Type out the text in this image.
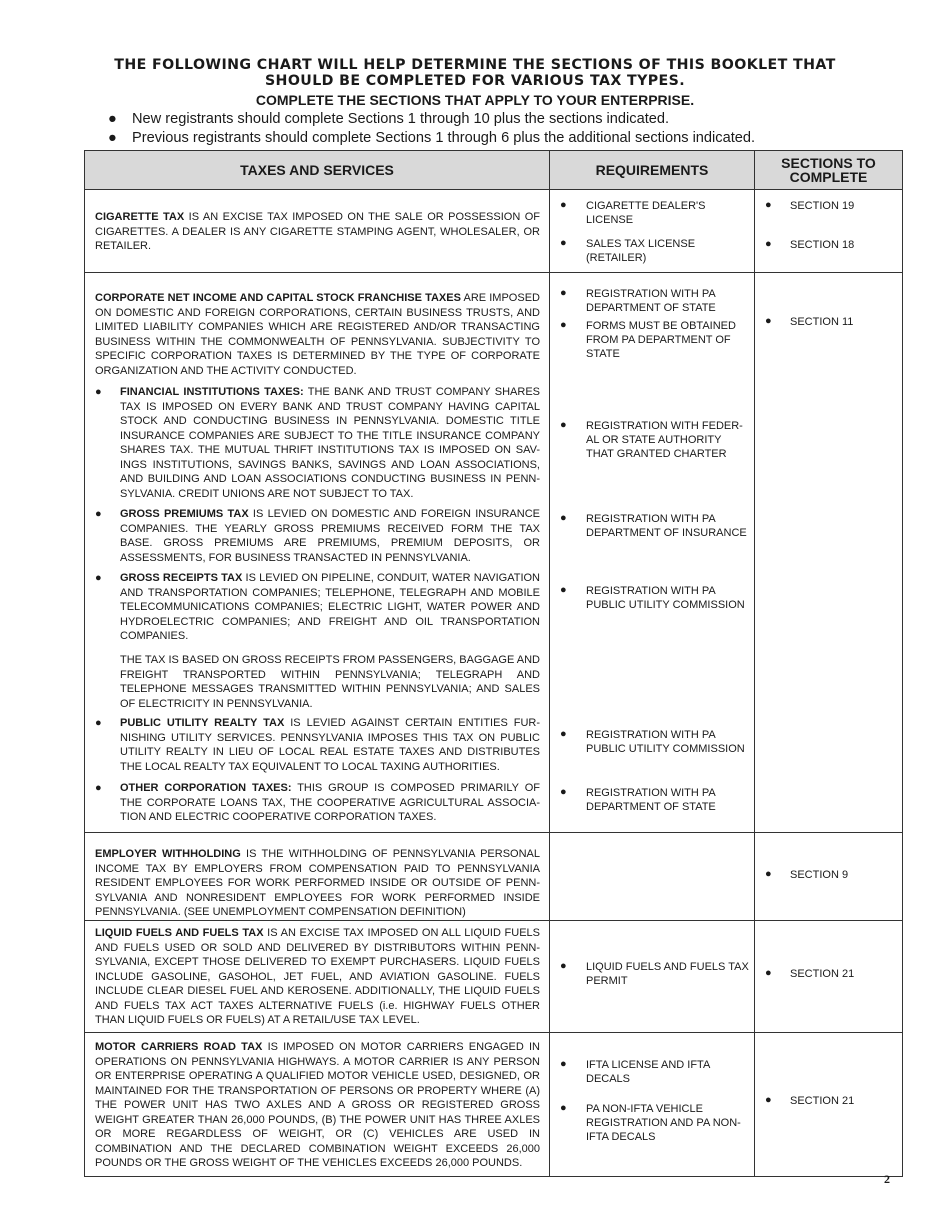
THE FOLLOWING CHART WILL HELP DETERMINE THE SECTIONS OF THIS BOOKLET THAT
SHOULD BE COMPLETED FOR VARIOUS TAX TYPES.
COMPLETE THE SECTIONS THAT APPLY TO YOUR ENTERPRISE.
● New registrants should complete Sections 1 through 10 plus the sections indicated.
● Previous registrants should complete Sections 1 through 6 plus the additional sections indicated.
TAXES AND SERVICES	REQUIREMENTS	SECTIONS TO
COMPLETE
CIGARETTE TAX IS AN EXCISE TAX IMPOSED ON THE SALE OR POSSESSION OF CIGARETTES. A DEALER IS ANY CIGARETTE STAMPING AGENT, WHOLESALER, OR RETAILER.
● CIGARETTE DEALER'S LICENSE
● SALES TAX LICENSE (RETAILER)
● SECTION 19
● SECTION 18
CORPORATE NET INCOME AND CAPITAL STOCK FRANCHISE TAXES ARE IMPOSED ON DOMESTIC AND FOREIGN CORPORATIONS, CERTAIN BUSINESS TRUSTS, AND LIMITED LIABILITY COMPANIES WHICH ARE REGISTERED AND/OR TRANSACTING BUSINESS WITHIN THE COMMONWEALTH OF PENNSYLVANIA. SUBJECTIVITY TO SPECIFIC CORPORATION TAXES IS DETERMINED BY THE TYPE OF CORPORATE ORGANIZATION AND THE ACTIVITY CONDUCTED.
● FINANCIAL INSTITUTIONS TAXES: THE BANK AND TRUST COMPANY SHARES TAX IS IMPOSED ON EVERY BANK AND TRUST COMPANY HAVING CAPITAL STOCK AND CONDUCTING BUSINESS IN PENNSYLVANIA. DOMESTIC TITLE INSURANCE COMPANIES ARE SUBJECT TO THE TITLE INSURANCE COMPANY SHARES TAX. THE MUTUAL THRIFT INSTITUTIONS TAX IS IMPOSED ON SAV-INGS INSTITUTIONS, SAVINGS BANKS, SAVINGS AND LOAN ASSOCIATIONS, AND BUILDING AND LOAN ASSOCIATIONS CONDUCTING BUSINESS IN PENN-SYLVANIA. CREDIT UNIONS ARE NOT SUBJECT TO TAX.
● GROSS PREMIUMS TAX IS LEVIED ON DOMESTIC AND FOREIGN INSURANCE COMPANIES. THE YEARLY GROSS PREMIUMS RECEIVED FORM THE TAX BASE. GROSS PREMIUMS ARE PREMIUMS, PREMIUM DEPOSITS, OR ASSESSMENTS, FOR BUSINESS TRANSACTED IN PENNSYLVANIA.
● GROSS RECEIPTS TAX IS LEVIED ON PIPELINE, CONDUIT, WATER NAVIGATION AND TRANSPORTATION COMPANIES; TELEPHONE, TELEGRAPH AND MOBILE TELECOMMUNICATIONS COMPANIES; ELECTRIC LIGHT, WATER POWER AND HYDROELECTRIC COMPANIES; AND FREIGHT AND OIL TRANSPORTATION COMPANIES.
THE TAX IS BASED ON GROSS RECEIPTS FROM PASSENGERS, BAGGAGE AND FREIGHT TRANSPORTED WITHIN PENNSYLVANIA; TELEGRAPH AND TELEPHONE MESSAGES TRANSMITTED WITHIN PENNSYLVANIA; AND SALES OF ELECTRICITY IN PENNSYLVANIA.
● PUBLIC UTILITY REALTY TAX IS LEVIED AGAINST CERTAIN ENTITIES FUR-NISHING UTILITY SERVICES. PENNSYLVANIA IMPOSES THIS TAX ON PUBLIC UTILITY REALTY IN LIEU OF LOCAL REAL ESTATE TAXES AND DISTRIBUTES THE LOCAL REALTY TAX EQUIVALENT TO LOCAL TAXING AUTHORITIES.
● OTHER CORPORATION TAXES: THIS GROUP IS COMPOSED PRIMARILY OF THE CORPORATE LOANS TAX, THE COOPERATIVE AGRICULTURAL ASSOCIA-TION AND ELECTRIC COOPERATIVE CORPORATION TAXES.
● REGISTRATION WITH PA DEPARTMENT OF STATE
● FORMS MUST BE OBTAINED FROM PA DEPARTMENT OF STATE
● REGISTRATION WITH FEDER-AL OR STATE AUTHORITY THAT GRANTED CHARTER
● REGISTRATION WITH PA DEPARTMENT OF INSURANCE
● REGISTRATION WITH PA PUBLIC UTILITY COMMISSION
● REGISTRATION WITH PA PUBLIC UTILITY COMMISSION
● REGISTRATION WITH PA DEPARTMENT OF STATE
● SECTION 11
EMPLOYER WITHHOLDING IS THE WITHHOLDING OF PENNSYLVANIA PERSONAL INCOME TAX BY EMPLOYERS FROM COMPENSATION PAID TO PENNSYLVANIA RESIDENT EMPLOYEES FOR WORK PERFORMED INSIDE OR OUTSIDE OF PENN-SYLVANIA AND NONRESIDENT EMPLOYEES FOR WORK PERFORMED INSIDE PENNSYLVANIA. (SEE UNEMPLOYMENT COMPENSATION DEFINITION)
● SECTION 9
LIQUID FUELS AND FUELS TAX IS AN EXCISE TAX IMPOSED ON ALL LIQUID FUELS AND FUELS USED OR SOLD AND DELIVERED BY DISTRIBUTORS WITHIN PENN-SYLVANIA, EXCEPT THOSE DELIVERED TO EXEMPT PURCHASERS. LIQUID FUELS INCLUDE GASOLINE, GASOHOL, JET FUEL, AND AVIATION GASOLINE. FUELS INCLUDE CLEAR DIESEL FUEL AND KEROSENE. ADDITIONALLY, THE LIQUID FUELS AND FUELS TAX ACT TAXES ALTERNATIVE FUELS (i.e. HIGHWAY FUELS OTHER THAN LIQUID FUELS OR FUELS) AT A RETAIL/USE TAX LEVEL.
● LIQUID FUELS AND FUELS TAX PERMIT
● SECTION 21
MOTOR CARRIERS ROAD TAX IS IMPOSED ON MOTOR CARRIERS ENGAGED IN OPERATIONS ON PENNSYLVANIA HIGHWAYS. A MOTOR CARRIER IS ANY PERSON OR ENTERPRISE OPERATING A QUALIFIED MOTOR VEHICLE USED, DESIGNED, OR MAINTAINED FOR THE TRANSPORTATION OF PERSONS OR PROPERTY WHERE (A) THE POWER UNIT HAS TWO AXLES AND A GROSS OR REGISTERED GROSS WEIGHT GREATER THAN 26,000 POUNDS, (B) THE POWER UNIT HAS THREE AXLES OR MORE REGARDLESS OF WEIGHT, OR (C) VEHICLES ARE USED IN COMBINATION AND THE DECLARED COMBINATION WEIGHT EXCEEDS 26,000 POUNDS OR THE GROSS WEIGHT OF THE VEHICLES EXCEEDS 26,000 POUNDS.
● IFTA LICENSE AND IFTA DECALS
● PA NON-IFTA VEHICLE REGISTRATION AND PA NON-IFTA DECALS
● SECTION 21
2
